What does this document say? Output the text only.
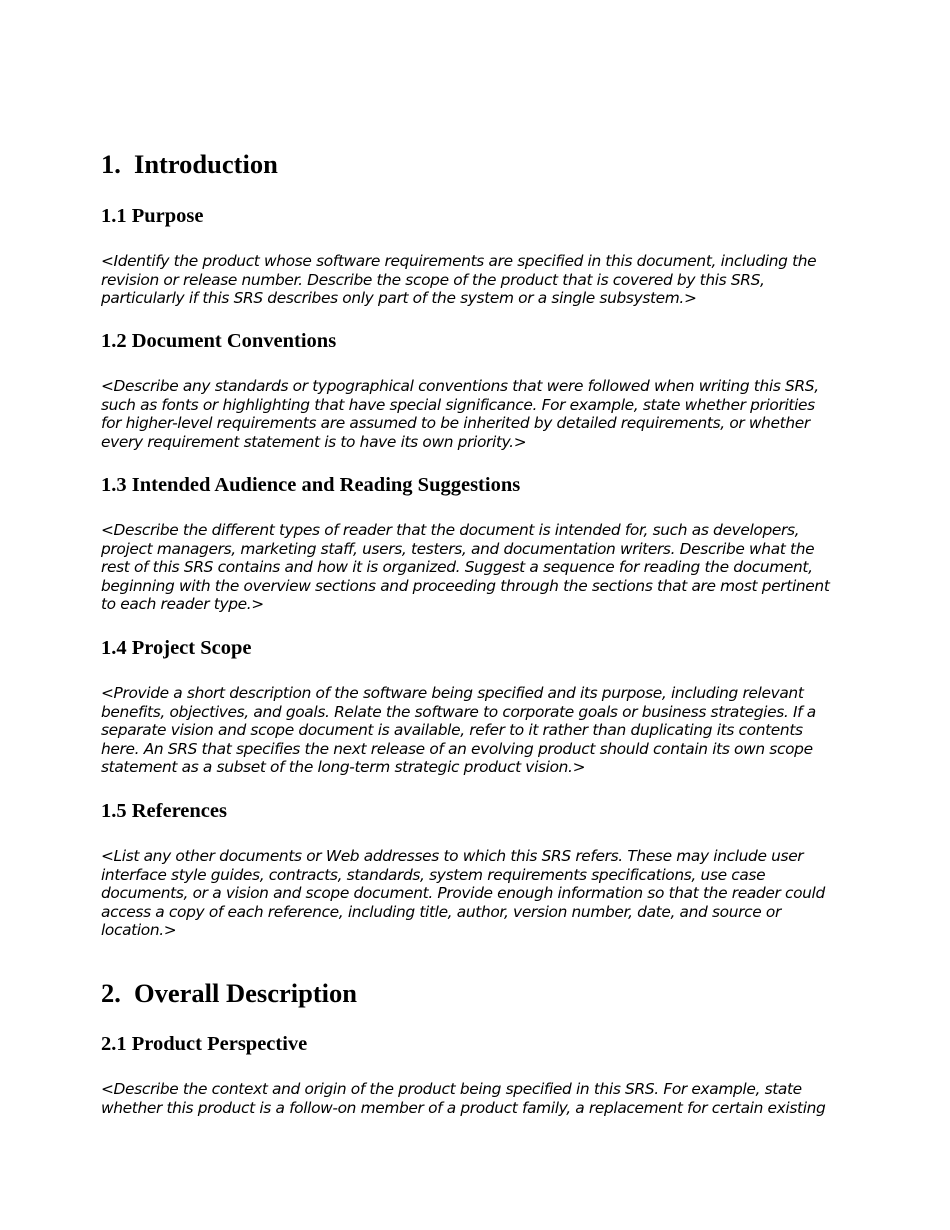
1. Introduction
1.1 Purpose
<Identify the product whose software requirements are specified in this document, including the
revision or release number. Describe the scope of the product that is covered by this SRS,
particularly if this SRS describes only part of the system or a single subsystem.>
1.2 Document Conventions
<Describe any standards or typographical conventions that were followed when writing this SRS,
such as fonts or highlighting that have special significance. For example, state whether priorities
for higher-level requirements are assumed to be inherited by detailed requirements, or whether
every requirement statement is to have its own priority.>
1.3 Intended Audience and Reading Suggestions
<Describe the different types of reader that the document is intended for, such as developers,
project managers, marketing staff, users, testers, and documentation writers. Describe what the
rest of this SRS contains and how it is organized. Suggest a sequence for reading the document,
beginning with the overview sections and proceeding through the sections that are most pertinent
to each reader type.>
1.4 Project Scope
<Provide a short description of the software being specified and its purpose, including relevant
benefits, objectives, and goals. Relate the software to corporate goals or business strategies. If a
separate vision and scope document is available, refer to it rather than duplicating its contents
here. An SRS that specifies the next release of an evolving product should contain its own scope
statement as a subset of the long-term strategic product vision.>
1.5 References
<List any other documents or Web addresses to which this SRS refers. These may include user
interface style guides, contracts, standards, system requirements specifications, use case
documents, or a vision and scope document. Provide enough information so that the reader could
access a copy of each reference, including title, author, version number, date, and source or
location.>
2. Overall Description
2.1 Product Perspective
<Describe the context and origin of the product being specified in this SRS. For example, state
whether this product is a follow-on member of a product family, a replacement for certain existing
